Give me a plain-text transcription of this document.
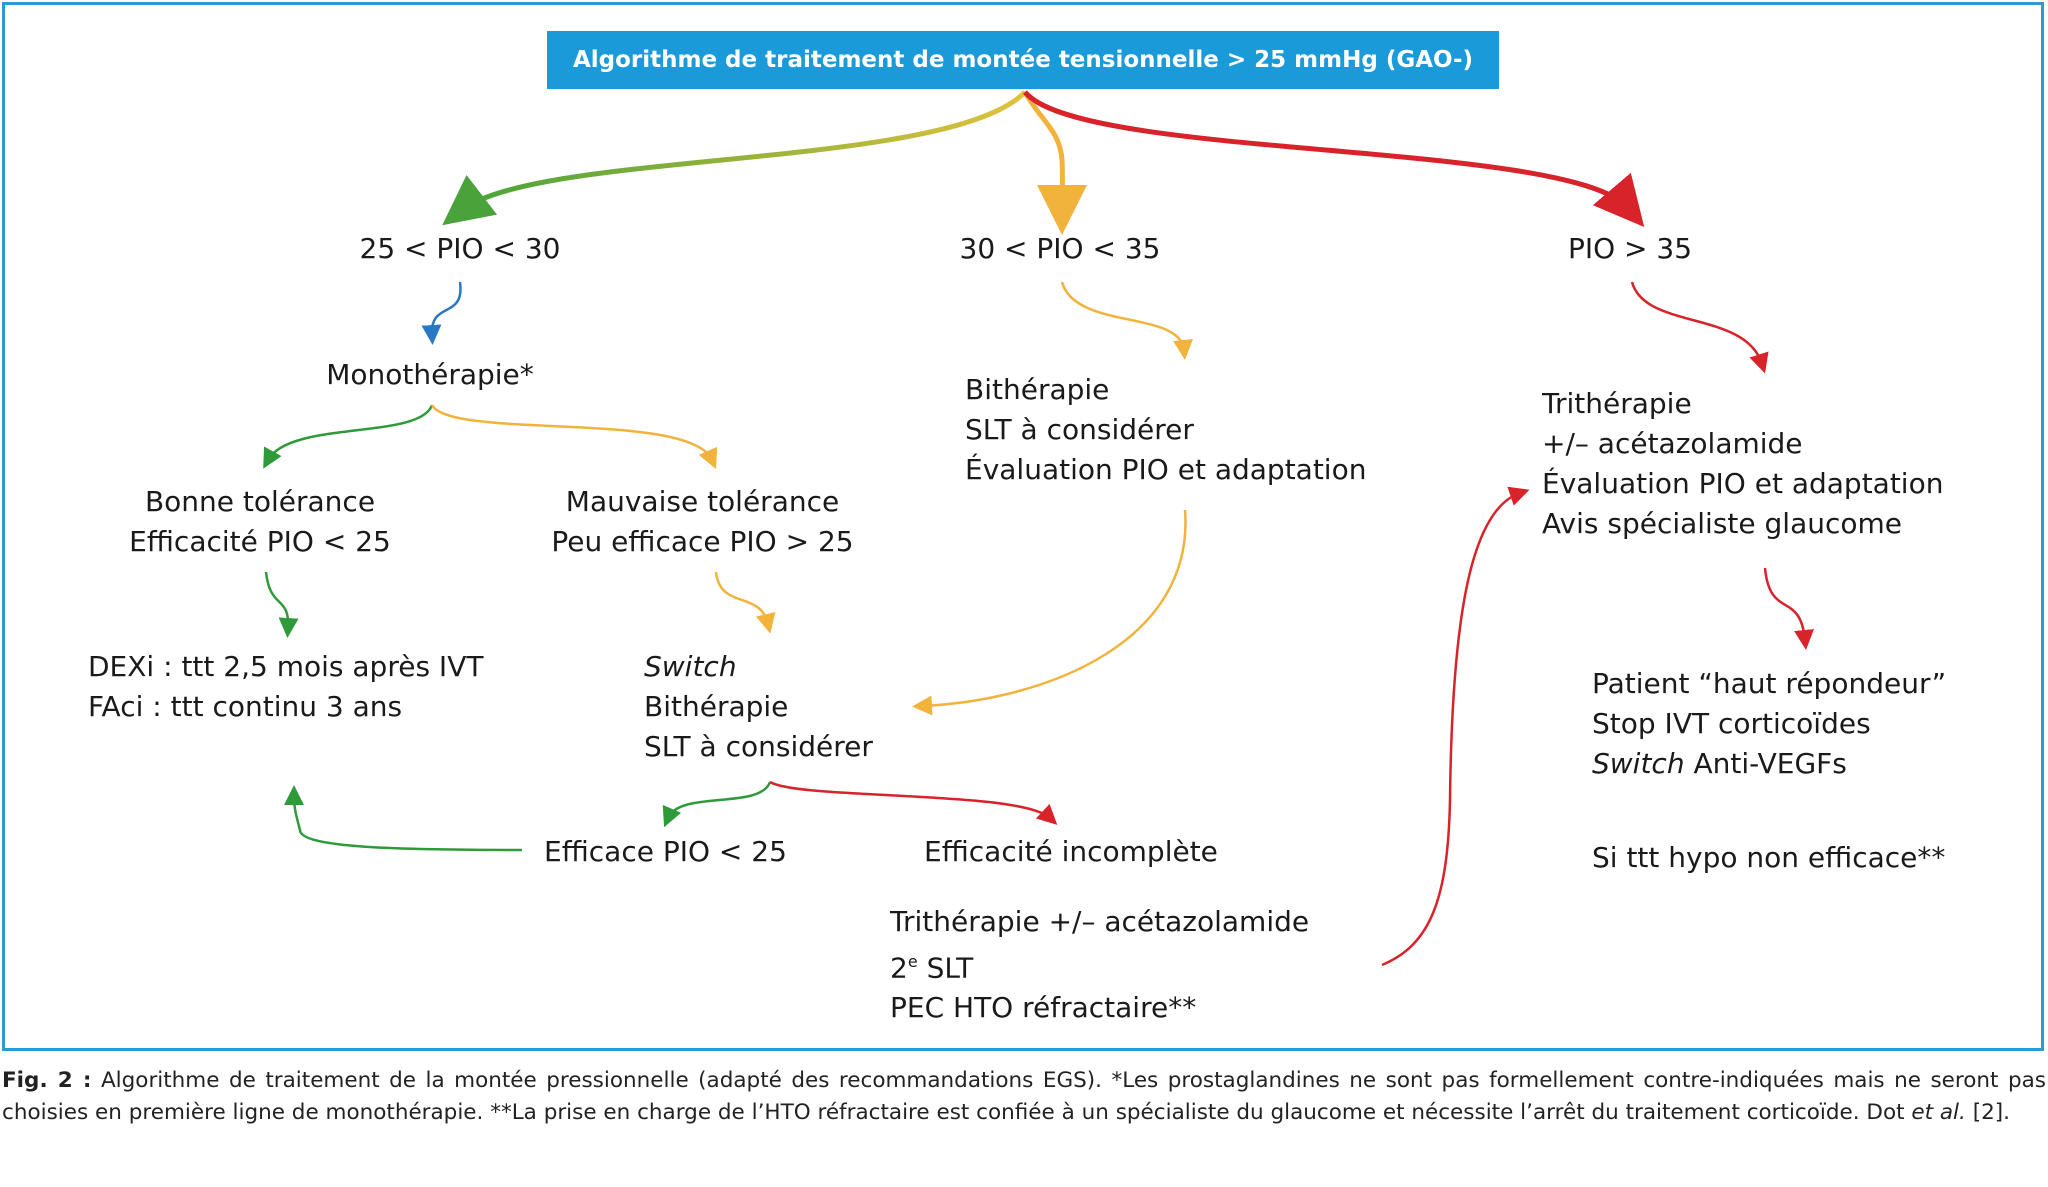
Algorithme de traitement de montée tensionnelle > 25 mmHg (GAO-)
25 < PIO < 30	30 < PIO < 35	PIO > 35
Monothérapie*
Bonne tolérance
Efficacité PIO < 25
Mauvaise tolérance
Peu efficace PIO > 25
DEXi : ttt 2,5 mois après IVT
FAci : ttt continu 3 ans
Switch
Bithérapie
SLT à considérer
Efficace PIO < 25	Efficacité incomplète
Trithérapie +/– acétazolamide
2e SLT
PEC HTO réfractaire**
Bithérapie
SLT à considérer
Évaluation PIO et adaptation
Trithérapie
+/– acétazolamide
Évaluation PIO et adaptation
Avis spécialiste glaucome
Patient “haut répondeur”
Stop IVT corticoïdes
Switch Anti-VEGFs
Si ttt hypo non efficace**
Fig. 2 : Algorithme de traitement de la montée pressionnelle (adapté des recommandations EGS). *Les prostaglandines ne sont pas formellement contre-indiquées mais ne seront pas choisies en première ligne de monothérapie. **La prise en charge de l’HTO réfractaire est confiée à un spécialiste du glaucome et nécessite l’arrêt du traitement corticoïde. Dot et al. [2].
